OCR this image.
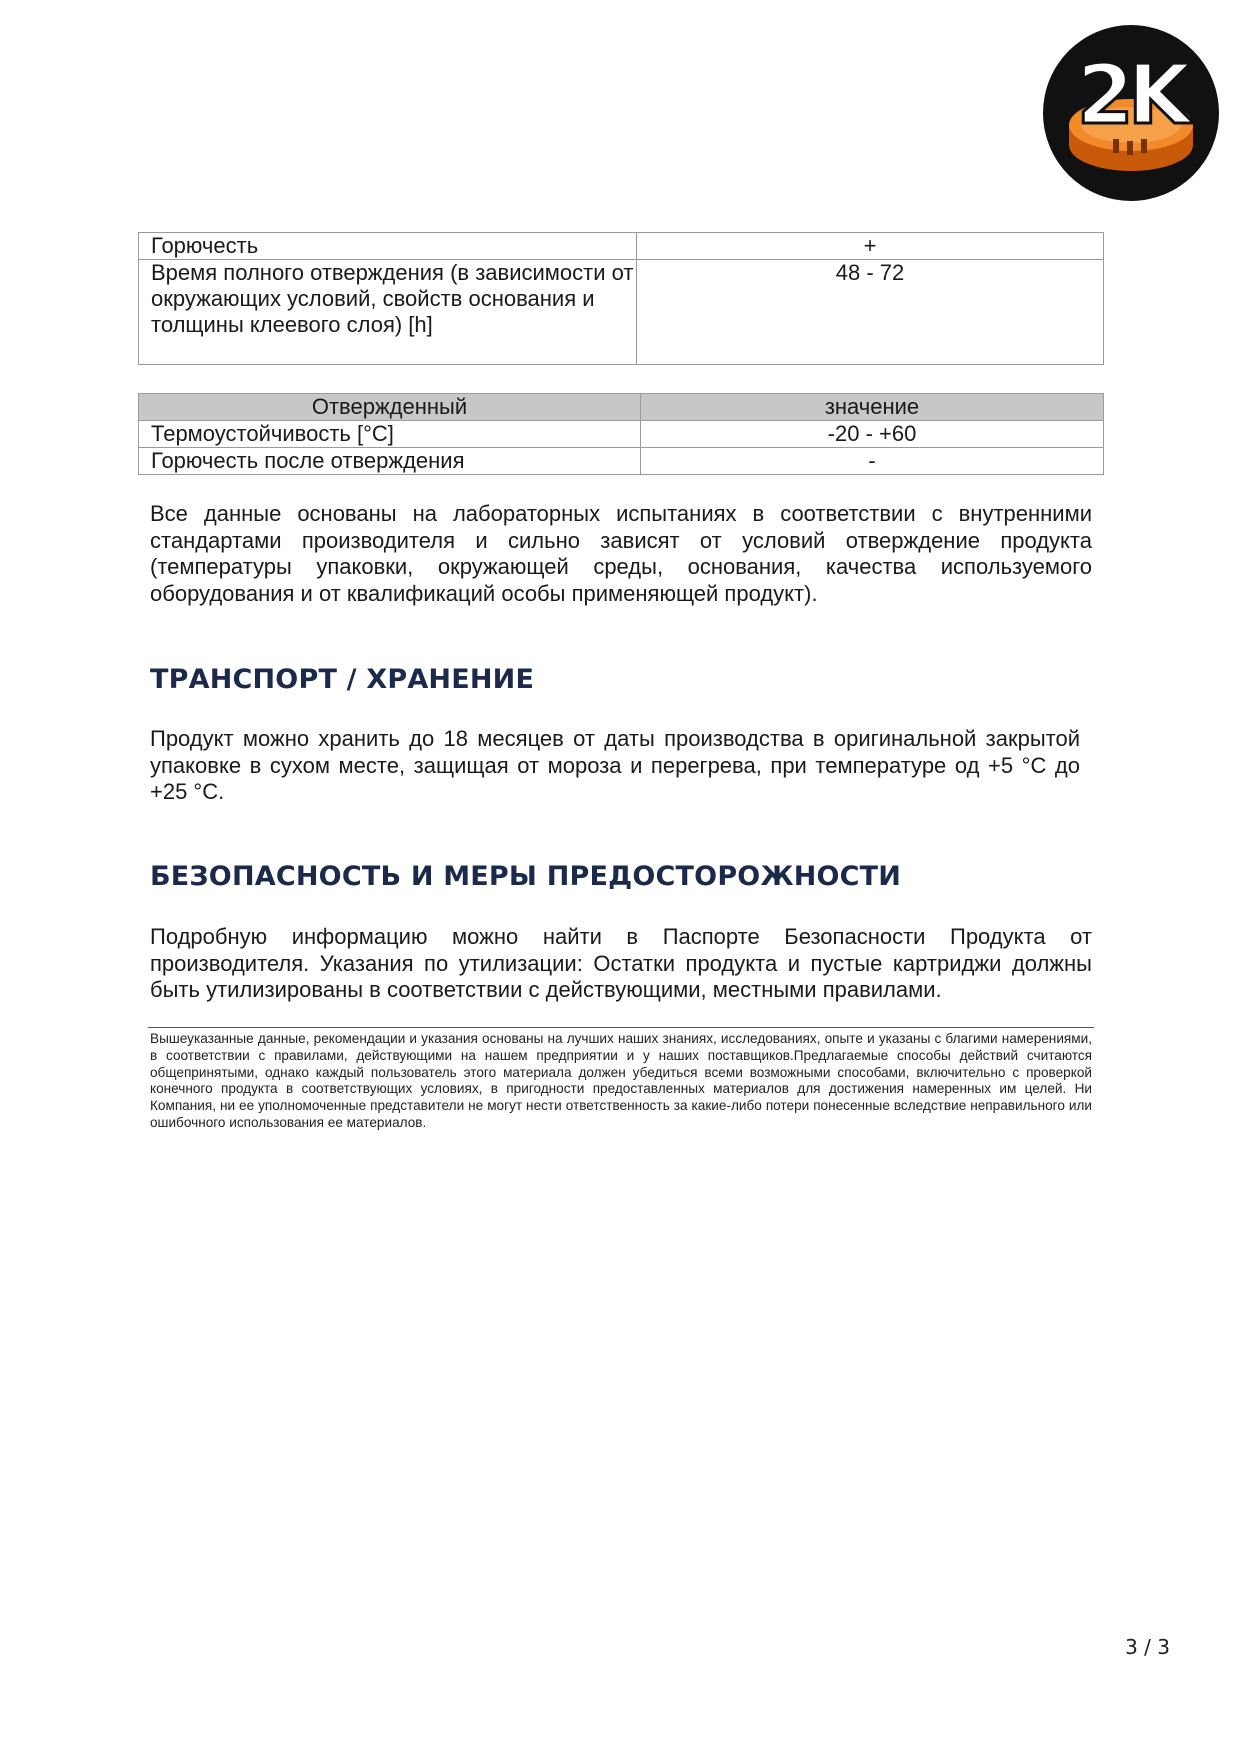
2K
Горючесть	+
Время полного отверждения (в зависимости от окружающих условий, свойств основания и толщины клеевого слоя) [h]	48 - 72
Отвержденный	значение
Термоустойчивость [°C]	-20 - +60
Горючесть после отверждения	-

Все данные основаны на лабораторных испытаниях в соответствии с внутренними стандартами производителя и сильно зависят от условий отверждение продукта (температуры упаковки, окружающей среды, основания, качества используемого оборудования и от квалификаций особы применяющей продукт).

ТРАНСПОРТ / ХРАНЕНИЕ

Продукт можно хранить до 18 месяцев от даты производства в оригинальной закрытой упаковке в сухом месте, защищая от мороза и перегрева, при температуре од +5 °C до +25 °C.

БЕЗОПАСНОСТЬ И МЕРЫ ПРЕДОСТОРОЖНОСТИ

Подробную информацию можно найти в Паспорте Безопасности Продукта от производителя. Указания по утилизации: Остатки продукта и пустые картриджи должны быть утилизированы в соответствии с действующими, местными правилами.

Вышеуказанные данные, рекомендации и указания основаны на лучших наших знаниях, исследованиях, опыте и указаны с благими намерениями, в соответствии с правилами, действующими на нашем предприятии и у наших поставщиков.Предлагаемые способы действий считаются общепринятыми, однако каждый пользователь этого материала должен убедиться всеми возможными способами, включительно с проверкой конечного продукта в соответствующих условиях, в пригодности предоставленных материалов для достижения намеренных им целей. Ни Компания, ни ее уполномоченные представители не могут нести ответственность за какие-либо потери понесенные вследствие неправильного или ошибочного использования ее материалов.

3 / 3
